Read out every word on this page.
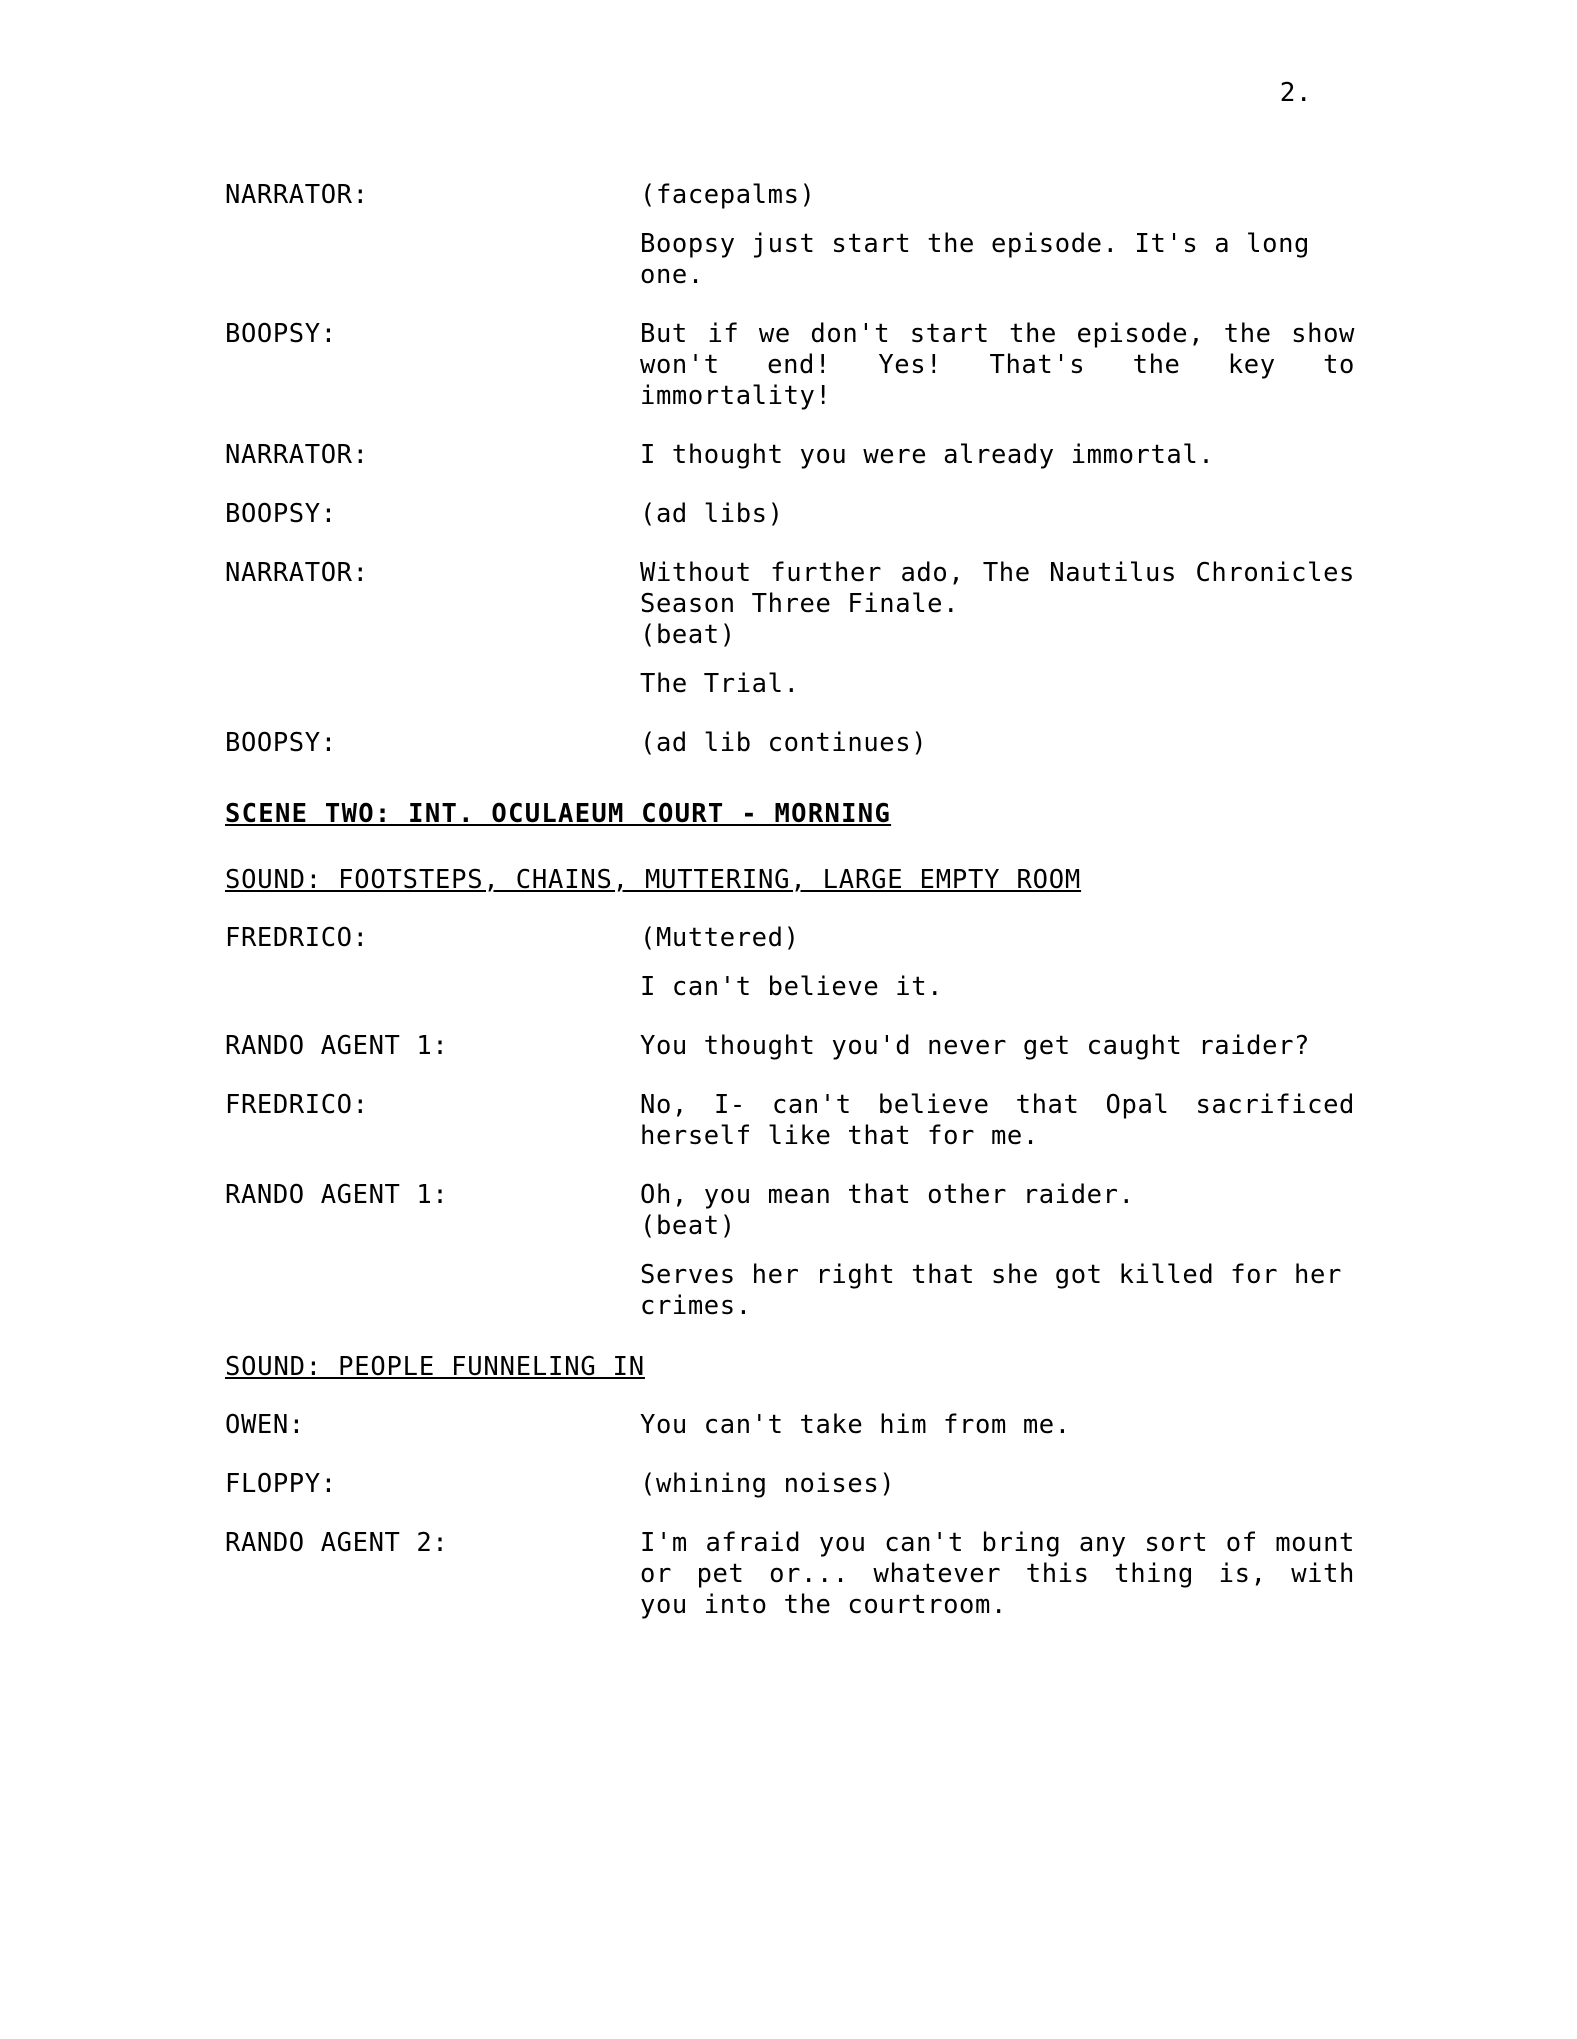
2.
NARRATOR:	(facepalms)
Boopsy just start the episode. It's a long one.
BOOPSY:	But if we don't start the episode, the show won't end! Yes! That's the key to immortality!
NARRATOR:	I thought you were already immortal.
BOOPSY:	(ad libs)
NARRATOR:	Without further ado, The Nautilus Chronicles Season Three Finale.
(beat)
The Trial.
BOOPSY:	(ad lib continues)
SCENE TWO: INT. OCULAEUM COURT - MORNING
SOUND: FOOTSTEPS, CHAINS, MUTTERING, LARGE EMPTY ROOM
FREDRICO:	(Muttered)
I can't believe it.
RANDO AGENT 1:	You thought you'd never get caught raider?
FREDRICO:	No, I- can't believe that Opal sacrificed herself like that for me.
RANDO AGENT 1:	Oh, you mean that other raider.
(beat)
Serves her right that she got killed for her crimes.
SOUND: PEOPLE FUNNELING IN
OWEN:	You can't take him from me.
FLOPPY:	(whining noises)
RANDO AGENT 2:	I'm afraid you can't bring any sort of mount or pet or... whatever this thing is, with you into the courtroom.
